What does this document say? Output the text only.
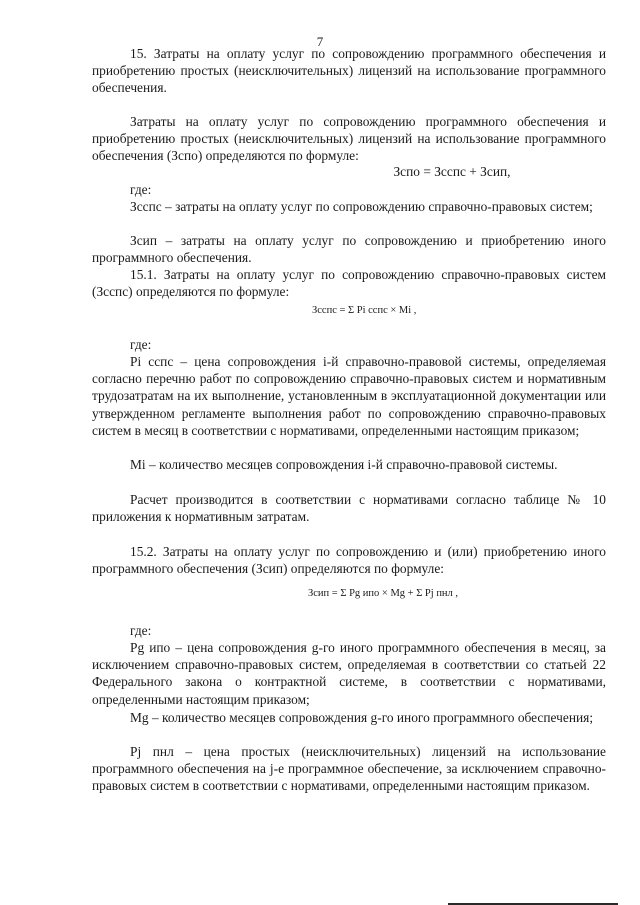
7
15. Затраты на оплату услуг по сопровождению программного обеспечения и приобретению простых (неисключительных) лицензий на использование программного обеспечения.
Затраты на оплату услуг по сопровождению программного обеспечения и приобретению простых (неисключительных) лицензий на использование программного обеспечения (Зспо) определяются по формуле:
Зспо = Зсспс + Зсип,
где:
Зсспс – затраты на оплату услуг по сопровождению справочно-правовых систем;
Зсип – затраты на оплату услуг по сопровождению и приобретению иного программного обеспечения.
15.1. Затраты на оплату услуг по сопровождению справочно-правовых систем (Зсспс) определяются по формуле:
Зсспс = Σ Pi сспс × Mi ,
где:
Pi сспс – цена сопровождения i-й справочно-правовой системы, определяемая согласно перечню работ по сопровождению справочно-правовых систем и нормативным трудозатратам на их выполнение, установленным в эксплуатационной документации или утвержденном регламенте выполнения работ по сопровождению справочно-правовых систем в месяц в соответствии с нормативами, определенными настоящим приказом;
Mi – количество месяцев сопровождения i-й справочно-правовой системы.
Расчет производится в соответствии с нормативами согласно таблице № 10 приложения к нормативным затратам.
15.2. Затраты на оплату услуг по сопровождению и (или) приобретению иного программного обеспечения (Зсип) определяются по формуле:
Зсип = Σ Pg ипо × Mg + Σ Pj пнл ,
где:
Pg ипо – цена сопровождения g-го иного программного обеспечения в месяц, за исключением справочно-правовых систем, определяемая в соответствии со статьей 22 Федерального закона о контрактной системе, в соответствии с нормативами, определенными настоящим приказом;
Mg – количество месяцев сопровождения g-го иного программного обеспечения;
Pj пнл – цена простых (неисключительных) лицензий на использование программного обеспечения на j-е программное обеспечение, за исключением справочно-правовых систем в соответствии с нормативами, определенными настоящим приказом.
